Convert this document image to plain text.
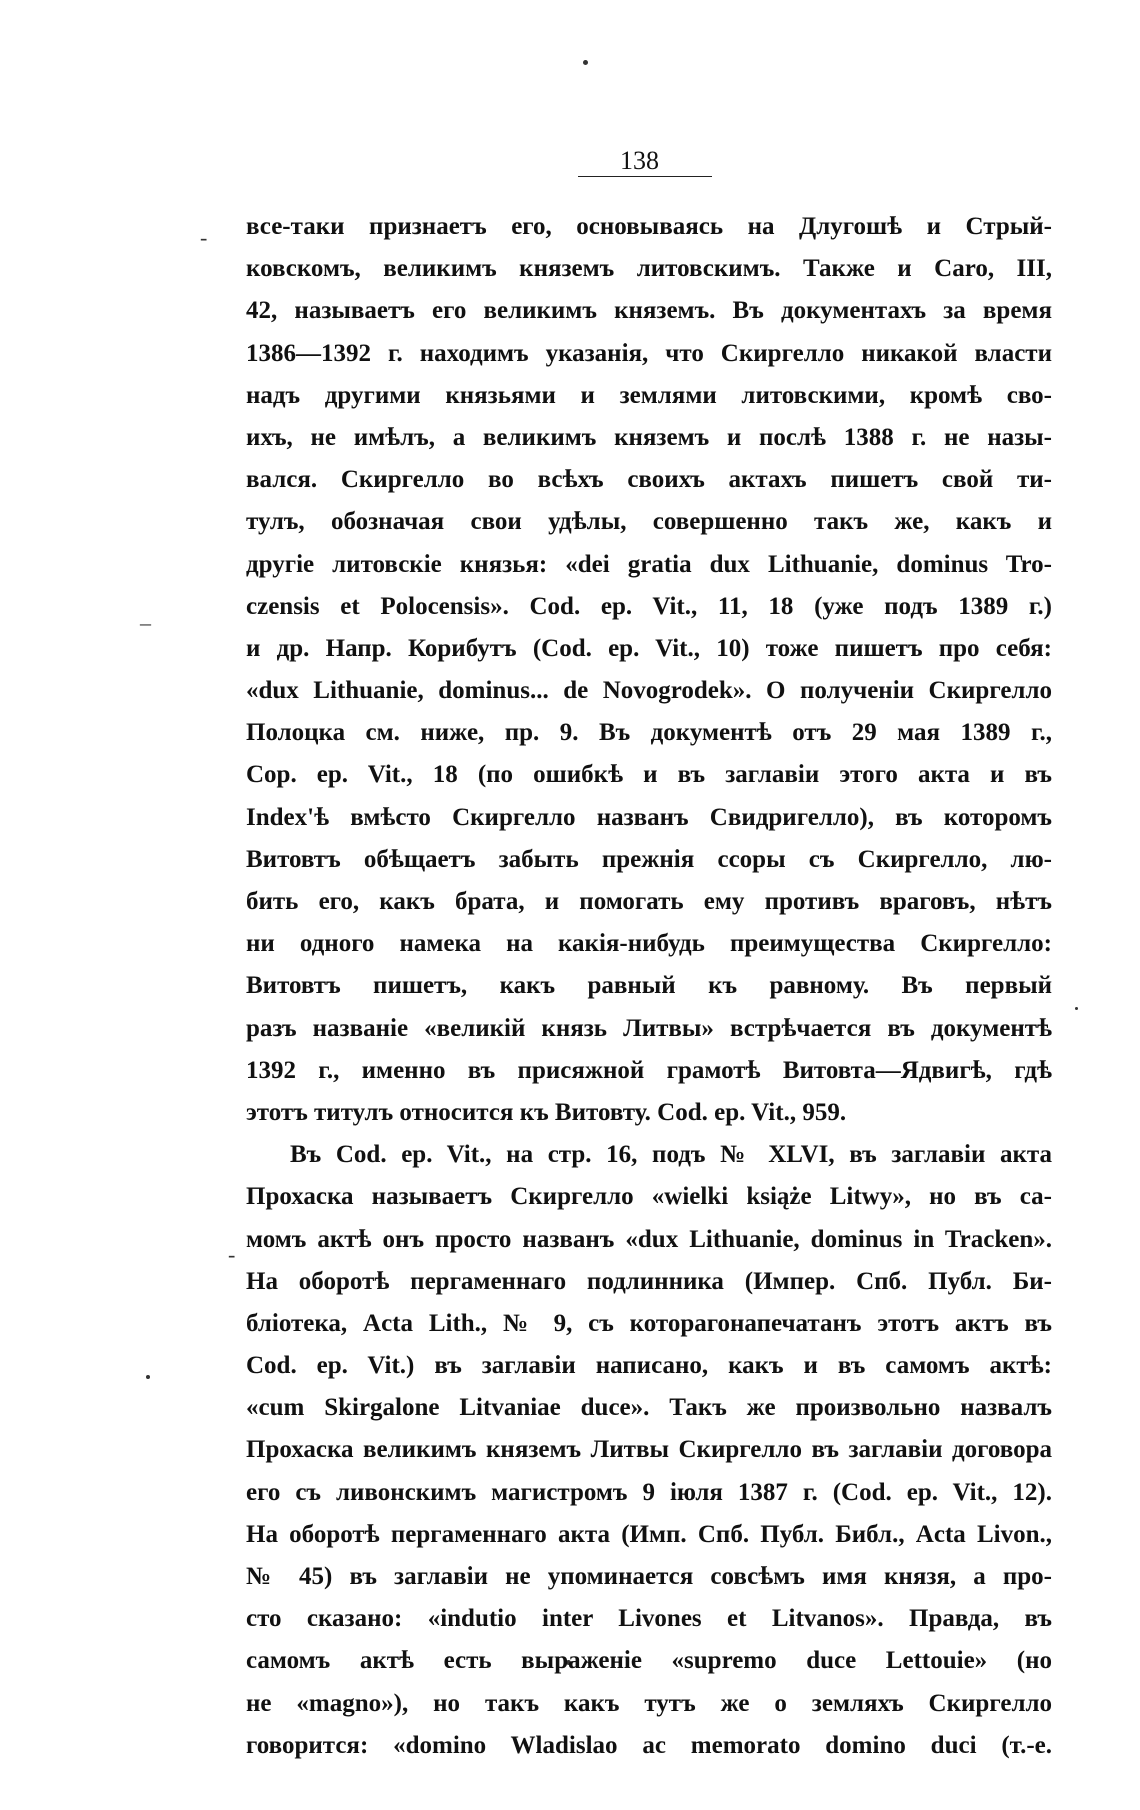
138
-
–
-
все-таки признаетъ его, основываясь на Длугошѣ и Стрый-
ковскомъ, великимъ княземъ литовскимъ. Также и Caro, III,
42, называетъ его великимъ княземъ. Въ документахъ за время
1386—1392 г. находимъ указанія, что Скиргелло никакой власти
надъ другими князьями и землями литовскими, кромѣ сво-
ихъ, не имѣлъ, а великимъ княземъ и послѣ 1388 г. не назы-
вался. Скиргелло во всѣхъ своихъ актахъ пишетъ свой ти-
тулъ, обозначая свои удѣлы, совершенно такъ же, какъ и
другіе литовскіе князья: «dei gratia dux Lithuanie, dominus Tro-
czensis et Polocensis». Cod. ep. Vit., 11, 18 (уже подъ 1389 г.)
и др. Напр. Корибутъ (Cod. ep. Vit., 10) тоже пишетъ про себя:
«dux Lithuanie, dominus... de Novogrodek». О полученіи Скиргелло
Полоцка см. ниже, пр. 9. Въ документѣ отъ 29 мая 1389 г.,
Cop. ep. Vit., 18 (по ошибкѣ и въ заглавіи этого акта и въ
Index'ѣ вмѣсто Скиргелло названъ Свидригелло), въ которомъ
Витовтъ обѣщаетъ забыть прежнія ссоры съ Скиргелло, лю-
бить его, какъ брата, и помогать ему противъ враговъ, нѣтъ
ни одного намека на какія-нибудь преимущества Скиргелло:
Витовтъ пишетъ, какъ равный къ равному. Въ первый
разъ названіе «великій князь Литвы» встрѣчается въ документѣ
1392 г., именно въ присяжной грамотѣ Витовта—Ядвигѣ, гдѣ
этотъ титулъ относится къ Витовту. Cod. ep. Vit., 959.
Въ Cod. ep. Vit., на стр. 16, подъ № XLVI, въ заглавіи акта
Прохаска называетъ Скиргелло «wielki książe Litwy», но въ са-
момъ актѣ онъ просто названъ «dux Lithuanie, dominus in Tracken».
На оборотѣ пергаменнаго подлинника (Импер. Спб. Публ. Би-
бліотека, Acta Lith., № 9, съ которагонапечатанъ этотъ актъ въ
Cod. ep. Vit.) въ заглавіи написано, какъ и въ самомъ актѣ:
«cum Skirgalone Litvaniae duce». Такъ же произвольно назвалъ
Прохаска великимъ княземъ Литвы Скиргелло въ заглавіи договора
его съ ливонскимъ магистромъ 9 іюля 1387 г. (Cod. ep. Vit., 12).
На оборотѣ пергаменнаго акта (Имп. Спб. Публ. Библ., Acta Livon.,
№ 45) въ заглавіи не упоминается совсѣмъ имя князя, а про-
сто сказано: «indutio inter Livones et Litvanos». Правда, въ
самомъ актѣ есть выраженіе «supremo duce Lettouie» (но
не «magno»), но такъ какъ тутъ же о земляхъ Скиргелло
говорится: «domino Wladislao ac memorato domino duci (т.-е.
